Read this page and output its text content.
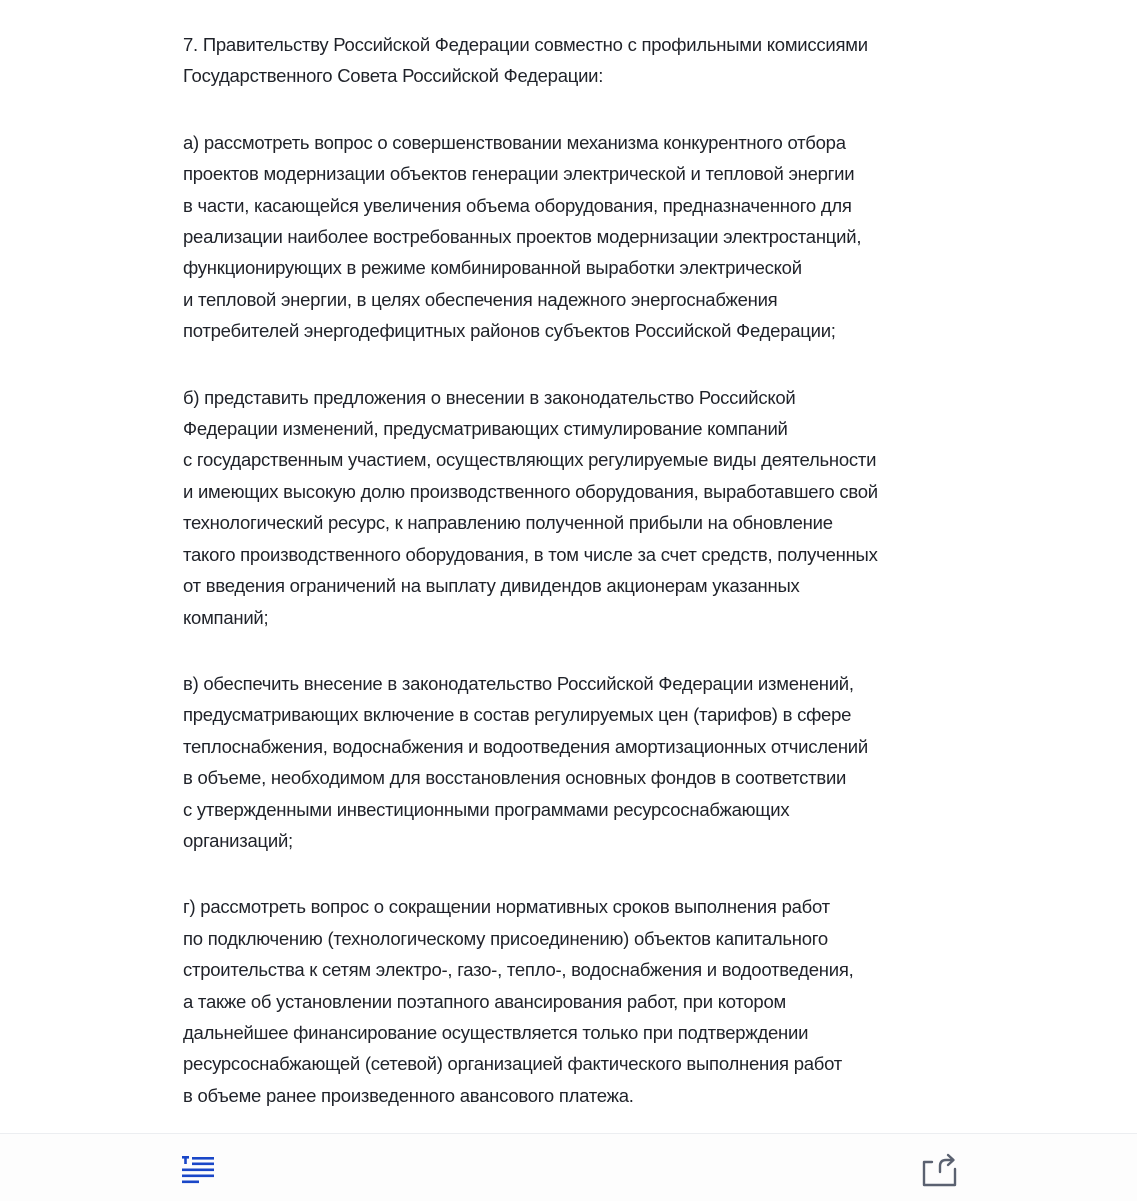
7. Правительству Российской Федерации совместно с профильными комиссиями
Государственного Совета Российской Федерации:

а) рассмотреть вопрос о совершенствовании механизма конкурентного отбора
проектов модернизации объектов генерации электрической и тепловой энергии
в части, касающейся увеличения объема оборудования, предназначенного для
реализации наиболее востребованных проектов модернизации электростанций,
функционирующих в режиме комбинированной выработки электрической
и тепловой энергии, в целях обеспечения надежного энергоснабжения
потребителей энергодефицитных районов субъектов Российской Федерации;

б) представить предложения о внесении в законодательство Российской
Федерации изменений, предусматривающих стимулирование компаний
с государственным участием, осуществляющих регулируемые виды деятельности
и имеющих высокую долю производственного оборудования, выработавшего свой
технологический ресурс, к направлению полученной прибыли на обновление
такого производственного оборудования, в том числе за счет средств, полученных
от введения ограничений на выплату дивидендов акционерам указанных
компаний;

в) обеспечить внесение в законодательство Российской Федерации изменений,
предусматривающих включение в состав регулируемых цен (тарифов) в сфере
теплоснабжения, водоснабжения и водоотведения амортизационных отчислений
в объеме, необходимом для восстановления основных фондов в соответствии
с утвержденными инвестиционными программами ресурсоснабжающих
организаций;

г) рассмотреть вопрос о сокращении нормативных сроков выполнения работ
по подключению (технологическому присоединению) объектов капитального
строительства к сетям электро-, газо-, тепло-, водоснабжения и водоотведения,
а также об установлении поэтапного авансирования работ, при котором
дальнейшее финансирование осуществляется только при подтверждении
ресурсоснабжающей (сетевой) организацией фактического выполнения работ
в объеме ранее произведенного авансового платежа.
